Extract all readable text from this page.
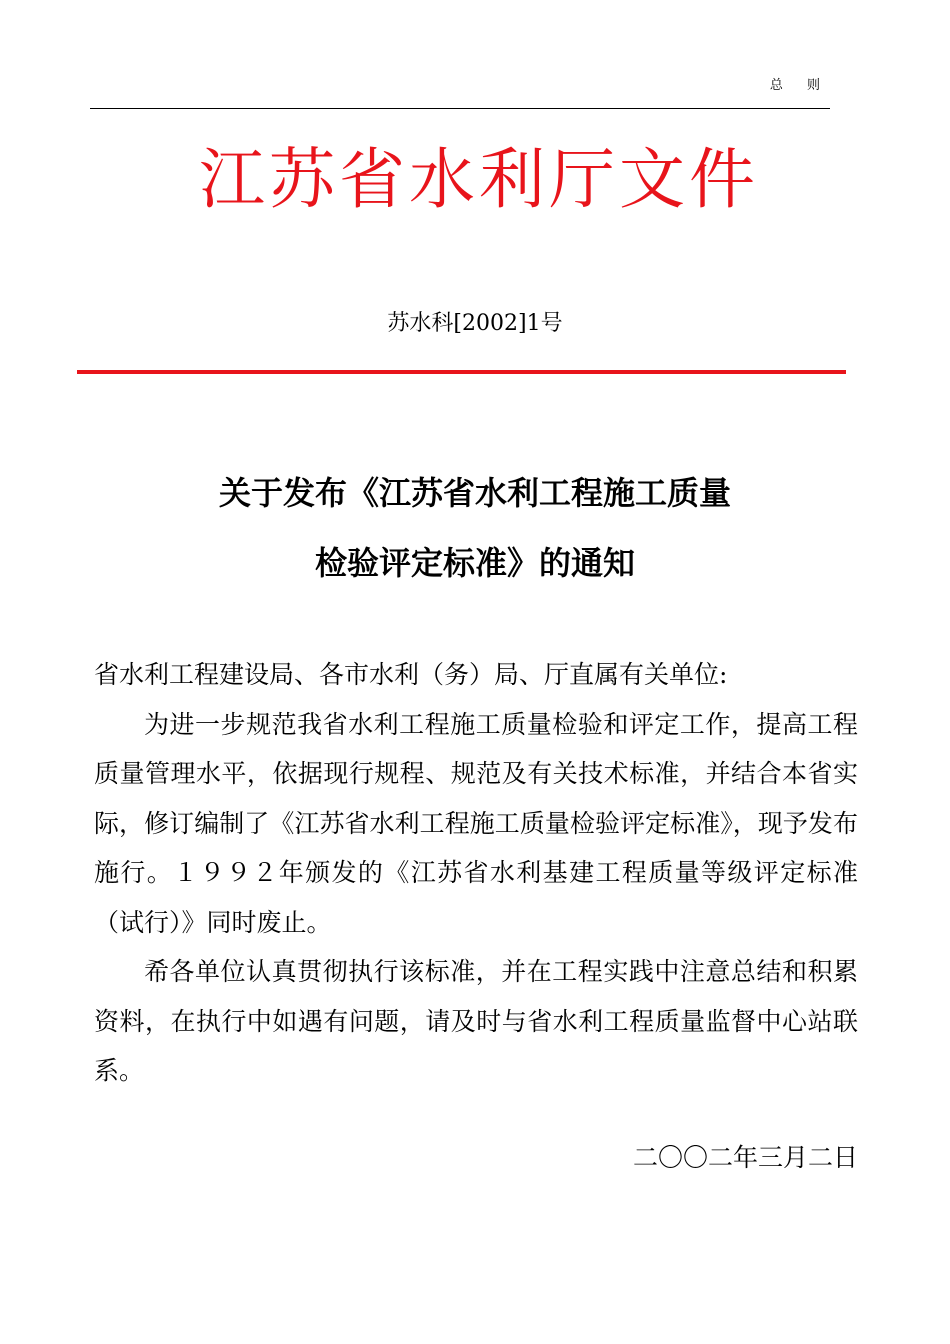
总 则

江苏省水利厅文件

苏水科[2002]1号

关于发布《江苏省水利工程施工质量
检验评定标准》的通知

省水利工程建设局、各市水利（务）局、厅直属有关单位:

为进一步规范我省水利工程施工质量检验和评定工作，提高工程质量管理水平，依据现行规程、规范及有关技术标准，并结合本省实际，修订编制了《江苏省水利工程施工质量检验评定标准》，现予发布施行。１９９２年颁发的《江苏省水利基建工程质量等级评定标准（试行）》同时废止。

希各单位认真贯彻执行该标准，并在工程实践中注意总结和积累资料，在执行中如遇有问题，请及时与省水利工程质量监督中心站联系。

二〇〇二年三月二日
